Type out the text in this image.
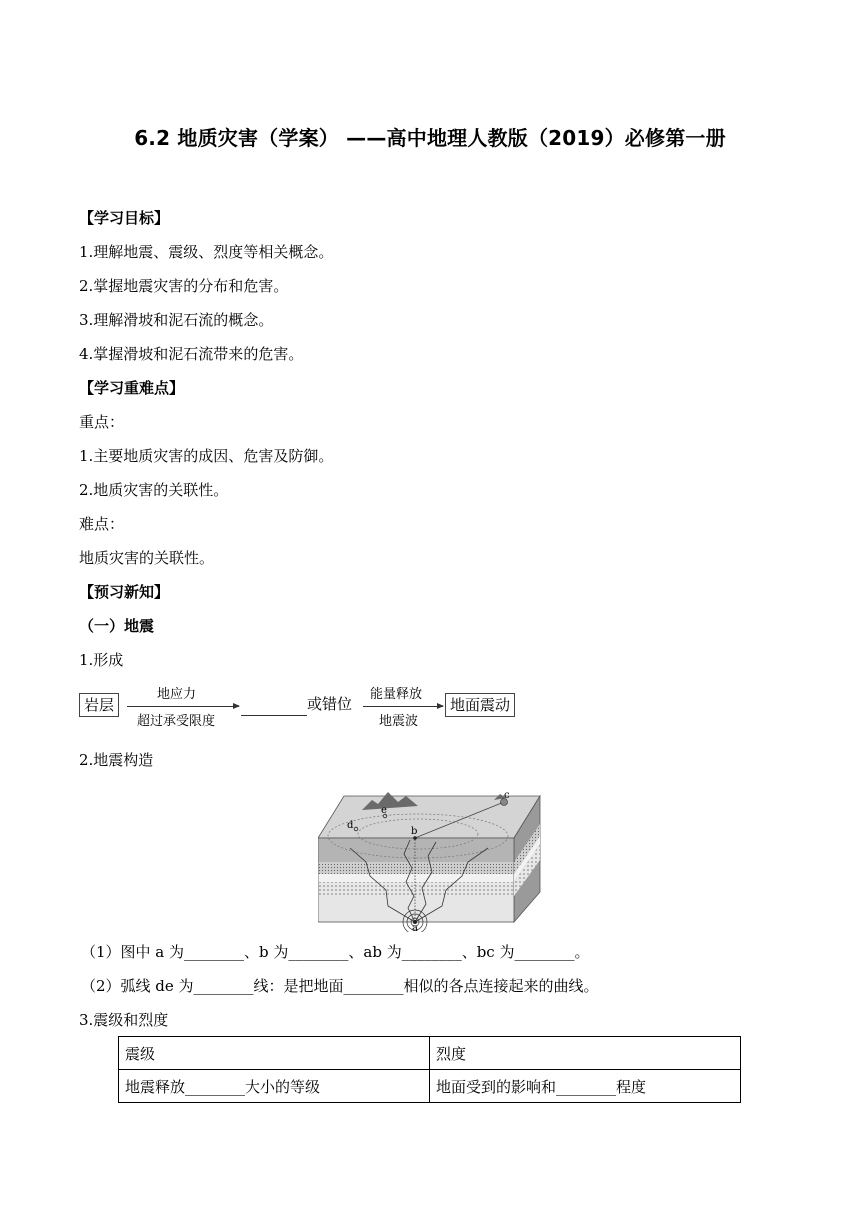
6.2 地质灾害（学案） ——高中地理人教版（2019）必修第一册
【学习目标】
1.理解地震、震级、烈度等相关概念。
2.掌握地震灾害的分布和危害。
3.理解滑坡和泥石流的概念。
4.掌握滑坡和泥石流带来的危害。
【学习重难点】
重点：
1.主要地质灾害的成因、危害及防御。
2.地质灾害的关联性。
难点：
地质灾害的关联性。
【预习新知】
（一）地震
1.形成
岩层
地应力
超过承受限度
或错位
能量释放
地震波
地面震动
2.地震构造
a
b
c
d
e
（1）图中 a 为________、b 为________、ab 为________、bc 为________。
（2）弧线 de 为________线：是把地面________相似的各点连接起来的曲线。
3.震级和烈度
震级	烈度
地震释放________大小的等级	地面受到的影响和________程度
